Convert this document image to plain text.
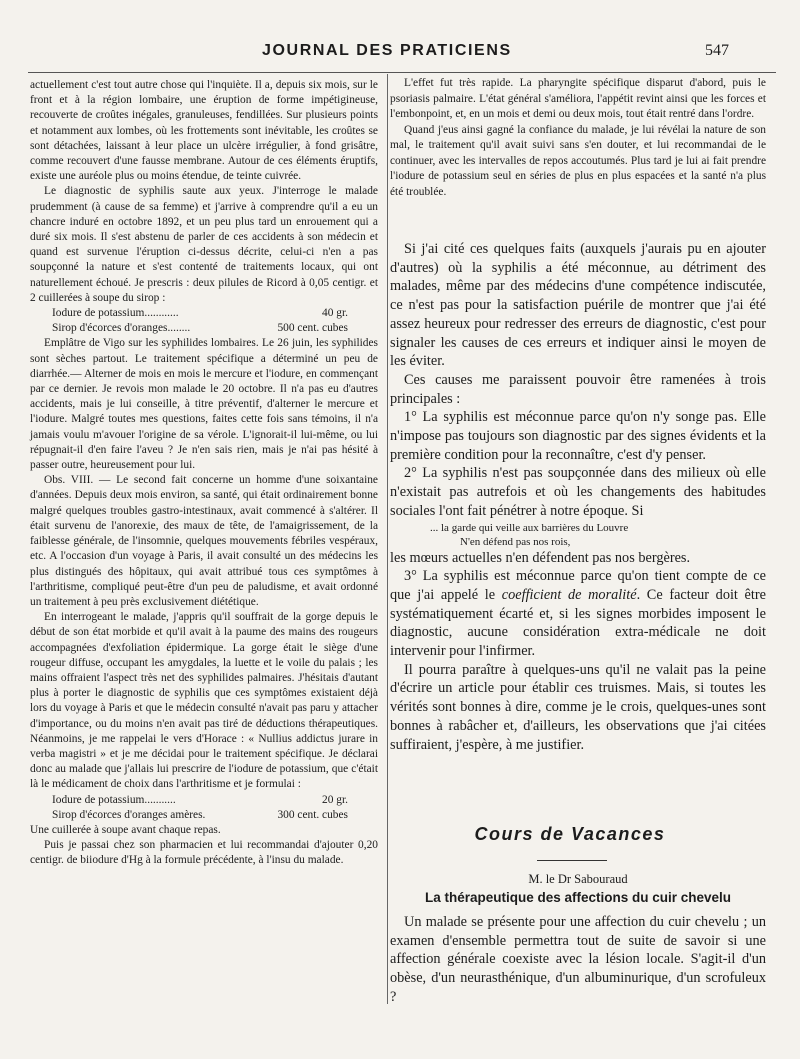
JOURNAL DES PRATICIENS	547

actuellement c'est tout autre chose qui l'inquiète. Il a, depuis six mois, sur le front et à la région lombaire, une éruption de forme impétigineuse, recouverte de croûtes inégales, granuleuses, fendillées. Sur plusieurs points et notamment aux lombes, où les frottements sont inévitable, les croûtes se sont détachées, laissant à leur place un ulcère irrégulier, à fond grisâtre, comme recouvert d'une fausse membrane. Autour de ces éléments éruptifs, existe une auréole plus ou moins étendue, de teinte cuivrée.

Le diagnostic de syphilis saute aux yeux. J'interroge le malade prudemment (à cause de sa femme) et j'arrive à comprendre qu'il a eu un chancre induré en octobre 1892, et un peu plus tard un enrouement qui a duré six mois. Il s'est abstenu de parler de ces accidents à son médecin et quand est survenue l'éruption ci-dessus décrite, celui-ci n'en a pas soupçonné la nature et s'est contenté de traitements locaux, qui ont naturellement échoué. Je prescris : deux pilules de Ricord à 0,05 centigr. et 2 cuillerées à soupe du sirop :

Iodure de potassium............	40 gr.
Sirop d'écorces d'oranges........	500 cent. cubes

Emplâtre de Vigo sur les syphilides lombaires. Le 26 juin, les syphilides sont sèches partout. Le traitement spécifique a déterminé un peu de diarrhée.— Alterner de mois en mois le mercure et l'iodure, en commençant par ce dernier. Je revois mon malade le 20 octobre. Il n'a pas eu d'autres accidents, mais je lui conseille, à titre préventif, d'alterner le mercure et l'iodure. Malgré toutes mes questions, faites cette fois sans témoins, il n'a jamais voulu m'avouer l'origine de sa vérole. L'ignorait-il lui-même, ou lui répugnait-il d'en faire l'aveu ? Je n'en sais rien, mais je n'ai pas hésité à passer outre, heureusement pour lui.

Obs. VIII. — Le second fait concerne un homme d'une soixantaine d'années. Depuis deux mois environ, sa santé, qui était ordinairement bonne malgré quelques troubles gastro-intestinaux, avait commencé à s'altérer. Il était survenu de l'anorexie, des maux de tête, de l'amaigrissement, de la faiblesse générale, de l'insomnie, quelques mouvements fébriles vespéraux, etc. A l'occasion d'un voyage à Paris, il avait consulté un des médecins les plus distingués des hôpitaux, qui avait attribué tous ces symptômes à l'arthritisme, compliqué peut-être d'un peu de paludisme, et avait ordonné un traitement à peu près exclusivement diététique.

En interrogeant le malade, j'appris qu'il souffrait de la gorge depuis le début de son état morbide et qu'il avait à la paume des mains des rougeurs accompagnées d'exfoliation épidermique. La gorge était le siège d'une rougeur diffuse, occupant les amygdales, la luette et le voile du palais ; les mains offraient l'aspect très net des syphilides palmaires. J'hésitais d'autant plus à porter le diagnostic de syphilis que ces symptômes existaient déjà lors du voyage à Paris et que le médecin consulté n'avait pas paru y attacher d'importance, ou du moins n'en avait pas tiré de déductions thérapeutiques. Néanmoins, je me rappelai le vers d'Horace : « Nullius addictus jurare in verba magistri » et je me décidai pour le traitement spécifique. Je déclarai donc au malade que j'allais lui prescrire de l'iodure de potassium, que c'était là le médicament de choix dans l'arthritisme et je formulai :

Iodure de potassium...........	20 gr.
Sirop d'écorces d'oranges amères.	300 cent. cubes

Une cuillerée à soupe avant chaque repas.

Puis je passai chez son pharmacien et lui recommandai d'ajouter 0,20 centigr. de biiodure d'Hg à la formule précédente, à l'insu du malade.

L'effet fut très rapide. La pharyngite spécifique disparut d'abord, puis le psoriasis palmaire. L'état général s'améliora, l'appétit revint ainsi que les forces et l'embonpoint, et, en un mois et demi ou deux mois, tout était rentré dans l'ordre.

Quand j'eus ainsi gagné la confiance du malade, je lui révélai la nature de son mal, le traitement qu'il avait suivi sans s'en douter, et lui recommandai de le continuer, avec les intervalles de repos accoutumés. Plus tard je lui ai fait prendre l'iodure de potassium seul en séries de plus en plus espacées et la santé n'a plus été troublée.

Si j'ai cité ces quelques faits (auxquels j'aurais pu en ajouter d'autres) où la syphilis a été méconnue, au détriment des malades, même par des médecins d'une compétence indiscutée, ce n'est pas pour la satisfaction puérile de montrer que j'ai été assez heureux pour redresser des erreurs de diagnostic, c'est pour signaler les causes de ces erreurs et indiquer ainsi le moyen de les éviter.

Ces causes me paraissent pouvoir être ramenées à trois principales :

1° La syphilis est méconnue parce qu'on n'y songe pas. Elle n'impose pas toujours son diagnostic par des signes évidents et la première condition pour la reconnaître, c'est d'y penser.

2° La syphilis n'est pas soupçonnée dans des milieux où elle n'existait pas autrefois et où les changements des habitudes sociales l'ont fait pénétrer à notre époque. Si

... la garde qui veille aux barrières du Louvre
N'en défend pas nos rois,

les mœurs actuelles n'en défendent pas nos bergères.

3° La syphilis est méconnue parce qu'on tient compte de ce que j'ai appelé le coefficient de moralité. Ce facteur doit être systématiquement écarté et, si les signes morbides imposent le diagnostic, aucune considération extra-médicale ne doit intervenir pour l'infirmer.

Il pourra paraître à quelques-uns qu'il ne valait pas la peine d'écrire un article pour établir ces truismes. Mais, si toutes les vérités sont bonnes à dire, comme je le crois, quelques-unes sont bonnes à rabâcher et, d'ailleurs, les observations que j'ai citées suffiraient, j'espère, à me justifier.

Cours de Vacances
M. le Dr Sabouraud
La thérapeutique des affections du cuir chevelu

Un malade se présente pour une affection du cuir chevelu ; un examen d'ensemble permettra tout de suite de savoir si une affection générale coexiste avec la lésion locale. S'agit-il d'un obèse, d'un neurasthénique, d'un albuminurique, d'un scrofuleux ?
